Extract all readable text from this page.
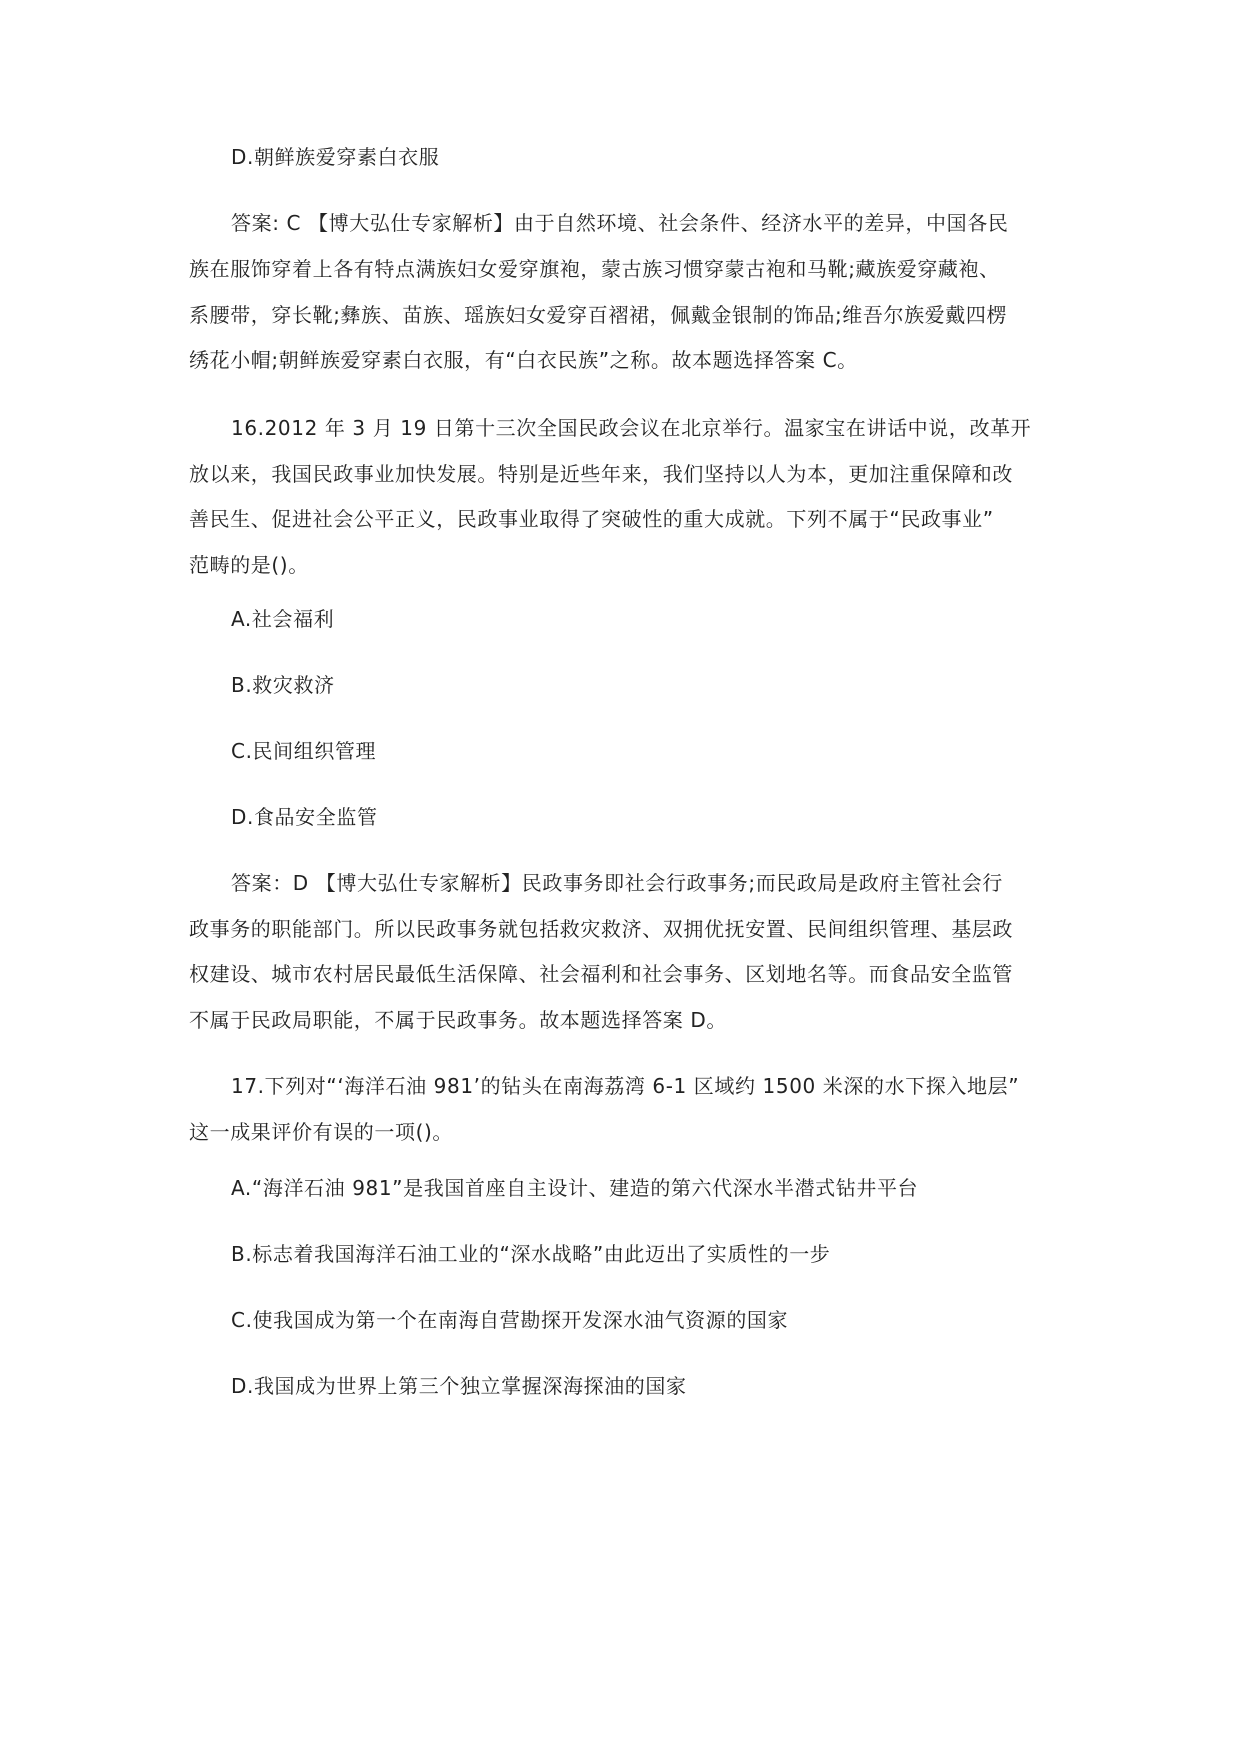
D.朝鲜族爱穿素白衣服
答案: C 【博大弘仕专家解析】由于自然环境、社会条件、经济水平的差异，中国各民
族在服饰穿着上各有特点满族妇女爱穿旗袍，蒙古族习惯穿蒙古袍和马靴;藏族爱穿藏袍、
系腰带，穿长靴;彝族、苗族、瑶族妇女爱穿百褶裙，佩戴金银制的饰品;维吾尔族爱戴四楞
绣花小帽;朝鲜族爱穿素白衣服，有“白衣民族”之称。故本题选择答案 C。
16.2012 年 3 月 19 日第十三次全国民政会议在北京举行。温家宝在讲话中说，改革开
放以来，我国民政事业加快发展。特别是近些年来，我们坚持以人为本，更加注重保障和改
善民生、促进社会公平正义，民政事业取得了突破性的重大成就。下列不属于“民政事业”
范畴的是()。
A.社会福利
B.救灾救济
C.民间组织管理
D.食品安全监管
答案：D 【博大弘仕专家解析】民政事务即社会行政事务;而民政局是政府主管社会行
政事务的职能部门。所以民政事务就包括救灾救济、双拥优抚安置、民间组织管理、基层政
权建设、城市农村居民最低生活保障、社会福利和社会事务、区划地名等。而食品安全监管
不属于民政局职能，不属于民政事务。故本题选择答案 D。
17.下列对“‘海洋石油 981’的钻头在南海荔湾 6-1 区域约 1500 米深的水下探入地层”
这一成果评价有误的一项()。
A.“海洋石油 981”是我国首座自主设计、建造的第六代深水半潜式钻井平台
B.标志着我国海洋石油工业的“深水战略”由此迈出了实质性的一步
C.使我国成为第一个在南海自营勘探开发深水油气资源的国家
D.我国成为世界上第三个独立掌握深海探油的国家
